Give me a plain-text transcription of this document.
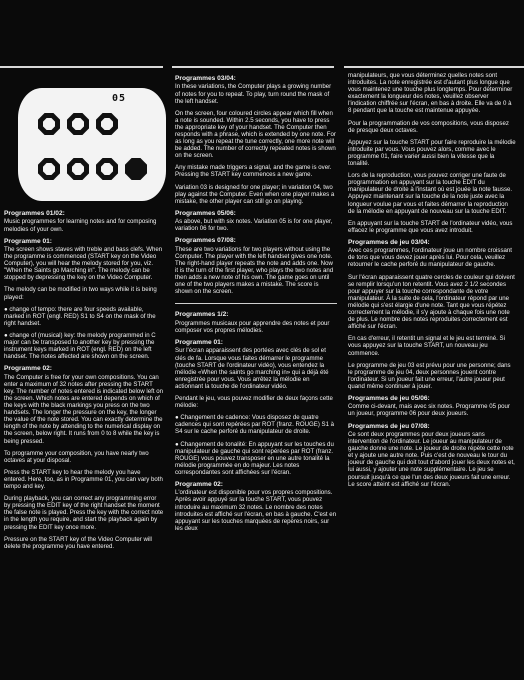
05
Programmes 01/02:

Music programmes for learning notes and for composing melodies of your own.

Programme 01:

The screen shows staves with treble and bass clefs. When the programme is commenced (START key on the Video Computer), you will hear the melody stored for you, viz. "When the Saints go Marching in". The melody can be stopped by depressing the key on the Video Computer.

The melody can be modified in two ways while it is being played:

● change of tempo: there are four speeds available, marked in ROT (engl. RED) S1 to S4 on the mask of the right handset.

● change of (musical) key: the melody programmed in C major can be transposed to another key by pressing the instrument keys marked in ROT (engl. RED) on the left handset. The notes affected are shown on the screen.

Programme 02:

The Computer is free for your own compositions. You can enter a maximum of 32 notes after pressing the START key. The number of notes entered is indicated below left on the screen. Which notes are entered depends on which of the keys with the black markings you press on the two handsets. The longer the pressure on the key, the longer the value of the note stored. You can exactly determine the length of the note by attending to the numerical display on the screen, below right. It runs from 0 to 8 while the key is being pressed.

To programme your composition, you have nearly two octaves at your disposal.

Press the START key to hear the melody you have entered. Here, too, as in Programme 01, you can vary both tempo and key.

During playback, you can correct any programming error by pressing the EDIT key of the right handset the moment the false note is played. Press the key with the correct note in the length you require, and start the playback again by pressing the EDIT key once more.

Pressure on the START key of the Video Computer will delete the programme you have entered.

Programmes 03/04:

In these variations, the Computer plays a growing number of notes for you to repeat. To play, turn round the mask of the left handset.

On the screen, four coloured circles appear which fill when a note is sounded. Within 2.5 seconds, you have to press the appropriate key of your handset. The Computer then responds with a phrase, which is extended by one note. For as long as you repeat the tune correctly, one more note will be added. The number of correctly repeated notes is shown on the screen.

Any mistake made triggers a signal, and the game is over. Pressing the START key commences a new game.

Variation 03 is designed for one player; in variation 04, two play against the Computer. Even when one player makes a mistake, the other player can still go on playing.

Programmes 05/06:

As above, but with six notes. Variation 05 is for one player, variation 06 for two.

Programmes 07/08:

These are two variations for two players without using the Computer. The player with the left handset gives one note. The right-hand player repeats the note and adds one. Now it is the turn of the first player, who plays the two notes and then adds a new note of his own. The game goes on until one of the two players makes a mistake. The score is shown on the screen.

Programmes 1/2:

Programmes musicaux pour apprendre des notes et pour composer vos propres mélodies.

Programme 01:

Sur l'écran apparaissent des portées avec clés de sol et clés de fa. Lorsque vous faites démarrer le programme (touche START de l'ordinateur vidéo), vous entendez la mélodie «When the saints go marching in» qui a déjà été enregistrée pour vous. Vous arrêtez la mélodie en actionnant la touche de l'ordinateur vidéo.

Pendant le jeu, vous pouvez modifier de deux façons cette mélodie:

● Changement de cadence: Vous disposez de quatre cadences qui sont repérées par ROT (franz. ROUGE) S1 à S4 sur le cache perforé du manipulateur de droite.

● Changement de tonalité: En appuyant sur les touches du manipulateur de gauche qui sont repérées par ROT (franz. ROUGE) vous pouvez transposer en une autre tonalité la mélodie programmée en do majeur. Les notes correspondantes sont affichées sur l'écran.

Programme 02:

L'ordinateur est disponible pour vos propres compositions. Après avoir appuyé sur la touche START, vous pouvez introduire au maximum 32 notes. Le nombre des notes introduites est affiché sur l'écran, en bas à gauche. C'est en appuyant sur les touches marquées de repères noirs, sur les deux

manipulateurs, que vous déterminez quelles notes sont introduites. La note enregistrée est d'autant plus longue que vous maintenez une touche plus longtemps. Pour déterminer exactement la longueur des notes, veuillez observer l'indication chiffrée sur l'écran, en bas à droite. Elle va de 0 à 8 pendant que la touche est maintenue appuyée.

Pour la programmation de vos compositions, vous disposez de presque deux octaves.

Appuyez sur la touche START pour faire reproduire la mélodie introduite par vous. Vous pouvez alors, comme avec le programme 01, faire varier aussi bien la vitesse que la tonalité.

Lors de la reproduction, vous pouvez corriger une faute de programmation en appuyant sur la touche EDIT du manipulateur de droite à l'instant où est jouée la note fausse. Appuyez maintenant sur la touche de la note juste avec la longueur voulue par vous et faites démarrer la reproduction de la mélodie en appuyant de nouveau sur la touche EDIT.

En appuyant sur la touche START de l'ordinateur vidéo, vous effacez le programme que vous avez introduit.

Programmes de jeu 03/04:

Avec ces programmes, l'ordinateur joue un nombre croissant de tons que vous devez jouer après lui. Pour cela, veuillez retourner le cache perforé du manipulateur de gauche.

Sur l'écran apparaissent quatre cercles de couleur qui doivent se remplir lorsqu'un ton retentit. Vous avez 2 1/2 secondes pour appuyer sur la touche correspondante de votre manipulateur. À la suite de cela, l'ordinateur répond par une mélodie qui s'est élargie d'une note. Tant que vous répétez correctement la mélodie, il s'y ajoute à chaque fois une note de plus. Le nombre des notes reproduites correctement est affiché sur l'écran.

En cas d'erreur, il retentit un signal et le jeu est terminé. Si vous appuyez sur la touche START, un nouveau jeu commence.

Le programme de jeu 03 est prévu pour une personne; dans le programme de jeu 04, deux personnes jouent contre l'ordinateur. Si un joueur fait une erreur, l'autre joueur peut quand même continuer à jouer.

Programmes de jeu 05/06:

Comme ci-devant, mais avec six notes. Programme 05 pour un joueur, programme 06 pour deux joueurs.

Programmes de jeu 07/08:

Ce sont deux programmes pour deux joueurs sans intervention de l'ordinateur. Le joueur au manipulateur de gauche donne une note. Le joueur de droite répète cette note et y ajoute une autre note. Puis c'est de nouveau le tour du joueur de gauche qui doit tout d'abord jouer les deux notes et, lui aussi, y ajouter une note supplémentaire. Le jeu se poursuit jusqu'à ce que l'un des deux joueurs fait une erreur. Le score atteint est affiché sur l'écran.
